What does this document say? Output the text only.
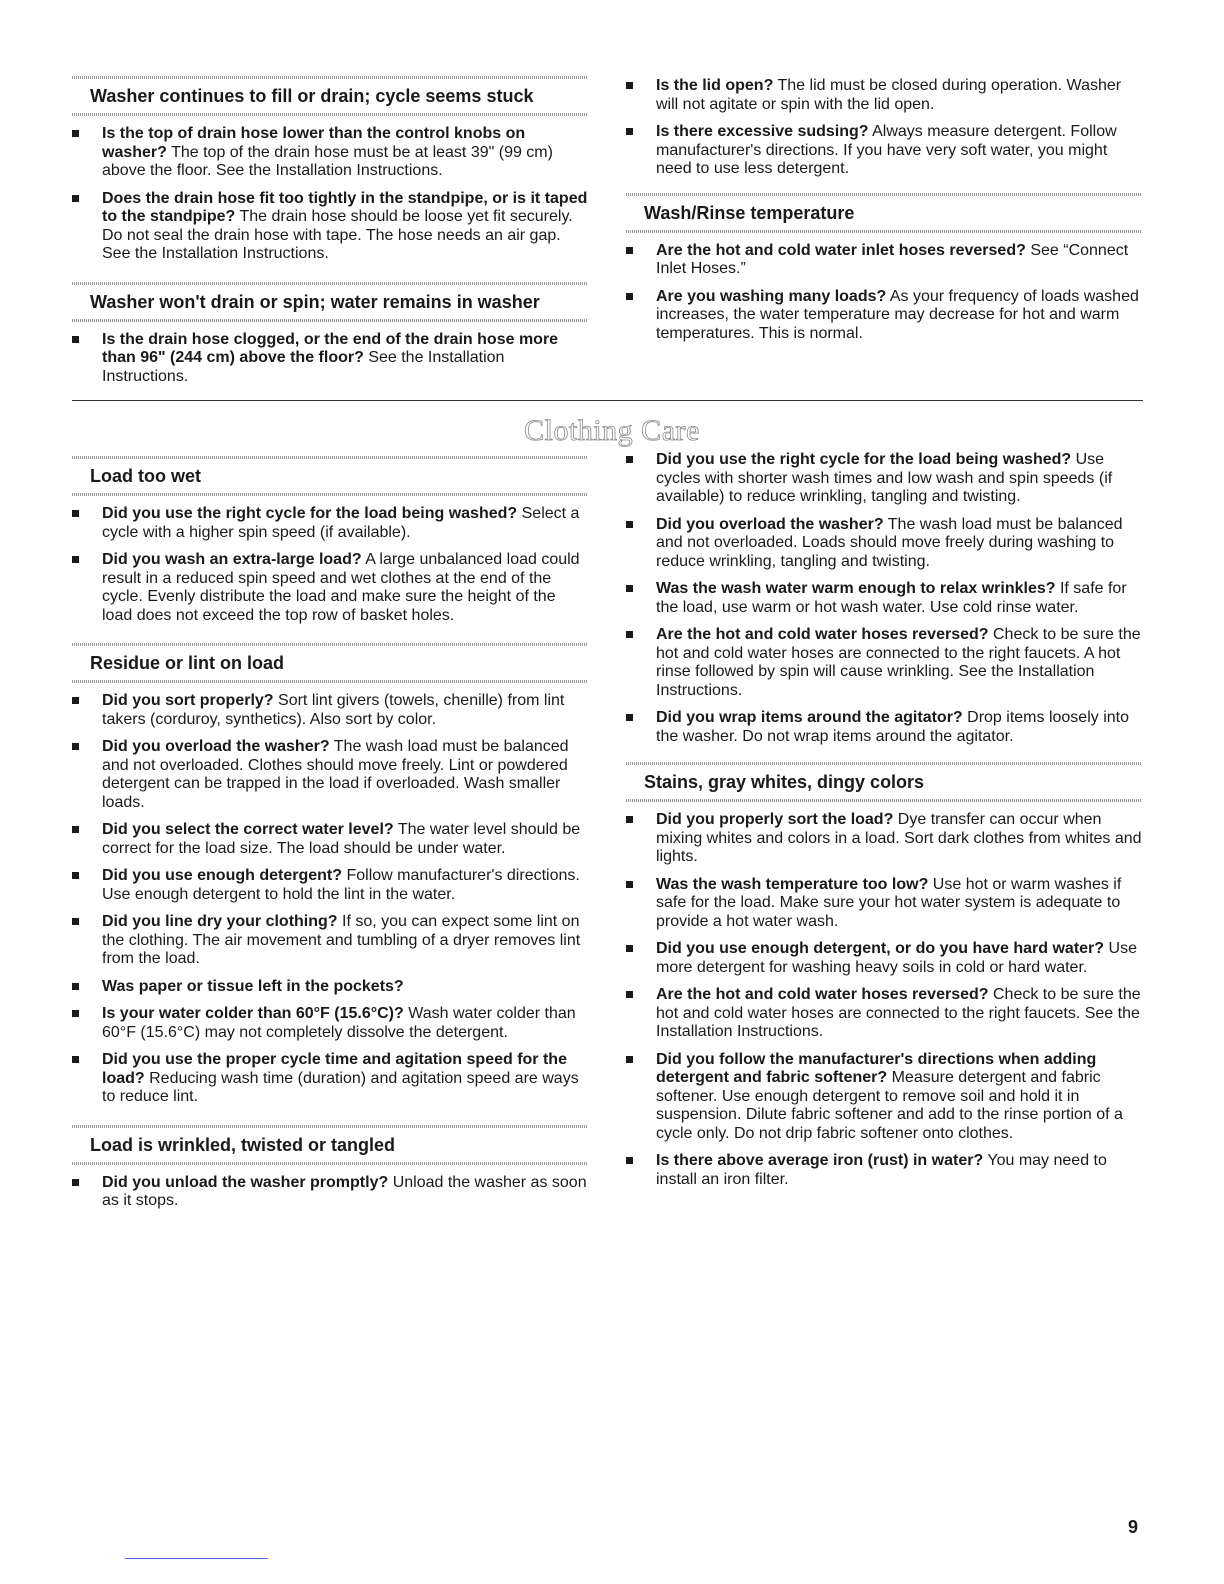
Washer continues to fill or drain; cycle seems stuck
Is the top of drain hose lower than the control knobs on washer? The top of the drain hose must be at least 39" (99 cm) above the floor. See the Installation Instructions.
Does the drain hose fit too tightly in the standpipe, or is it taped to the standpipe? The drain hose should be loose yet fit securely. Do not seal the drain hose with tape. The hose needs an air gap. See the Installation Instructions.
Washer won't drain or spin; water remains in washer
Is the drain hose clogged, or the end of the drain hose more than 96" (244 cm) above the floor? See the Installation Instructions.
Is the lid open? The lid must be closed during operation. Washer will not agitate or spin with the lid open.
Is there excessive sudsing? Always measure detergent. Follow manufacturer's directions. If you have very soft water, you might need to use less detergent.
Wash/Rinse temperature
Are the hot and cold water inlet hoses reversed? See “Connect Inlet Hoses.”
Are you washing many loads? As your frequency of loads washed increases, the water temperature may decrease for hot and warm temperatures. This is normal.
Clothing Care
Load too wet
Did you use the right cycle for the load being washed? Select a cycle with a higher spin speed (if available).
Did you wash an extra-large load? A large unbalanced load could result in a reduced spin speed and wet clothes at the end of the cycle. Evenly distribute the load and make sure the height of the load does not exceed the top row of basket holes.
Residue or lint on load
Did you sort properly? Sort lint givers (towels, chenille) from lint takers (corduroy, synthetics). Also sort by color.
Did you overload the washer? The wash load must be balanced and not overloaded. Clothes should move freely. Lint or powdered detergent can be trapped in the load if overloaded. Wash smaller loads.
Did you select the correct water level? The water level should be correct for the load size. The load should be under water.
Did you use enough detergent? Follow manufacturer's directions. Use enough detergent to hold the lint in the water.
Did you line dry your clothing? If so, you can expect some lint on the clothing. The air movement and tumbling of a dryer removes lint from the load.
Was paper or tissue left in the pockets?
Is your water colder than 60°F (15.6°C)? Wash water colder than 60°F (15.6°C) may not completely dissolve the detergent.
Did you use the proper cycle time and agitation speed for the load? Reducing wash time (duration) and agitation speed are ways to reduce lint.
Load is wrinkled, twisted or tangled
Did you unload the washer promptly? Unload the washer as soon as it stops.
Did you use the right cycle for the load being washed? Use cycles with shorter wash times and low wash and spin speeds (if available) to reduce wrinkling, tangling and twisting.
Did you overload the washer? The wash load must be balanced and not overloaded. Loads should move freely during washing to reduce wrinkling, tangling and twisting.
Was the wash water warm enough to relax wrinkles? If safe for the load, use warm or hot wash water. Use cold rinse water.
Are the hot and cold water hoses reversed? Check to be sure the hot and cold water hoses are connected to the right faucets. A hot rinse followed by spin will cause wrinkling. See the Installation Instructions.
Did you wrap items around the agitator? Drop items loosely into the washer. Do not wrap items around the agitator.
Stains, gray whites, dingy colors
Did you properly sort the load? Dye transfer can occur when mixing whites and colors in a load. Sort dark clothes from whites and lights.
Was the wash temperature too low? Use hot or warm washes if safe for the load. Make sure your hot water system is adequate to provide a hot water wash.
Did you use enough detergent, or do you have hard water? Use more detergent for washing heavy soils in cold or hard water.
Are the hot and cold water hoses reversed? Check to be sure the hot and cold water hoses are connected to the right faucets. See the Installation Instructions.
Did you follow the manufacturer's directions when adding detergent and fabric softener? Measure detergent and fabric softener. Use enough detergent to remove soil and hold it in suspension. Dilute fabric softener and add to the rinse portion of a cycle only. Do not drip fabric softener onto clothes.
Is there above average iron (rust) in water? You may need to install an iron filter.
9
